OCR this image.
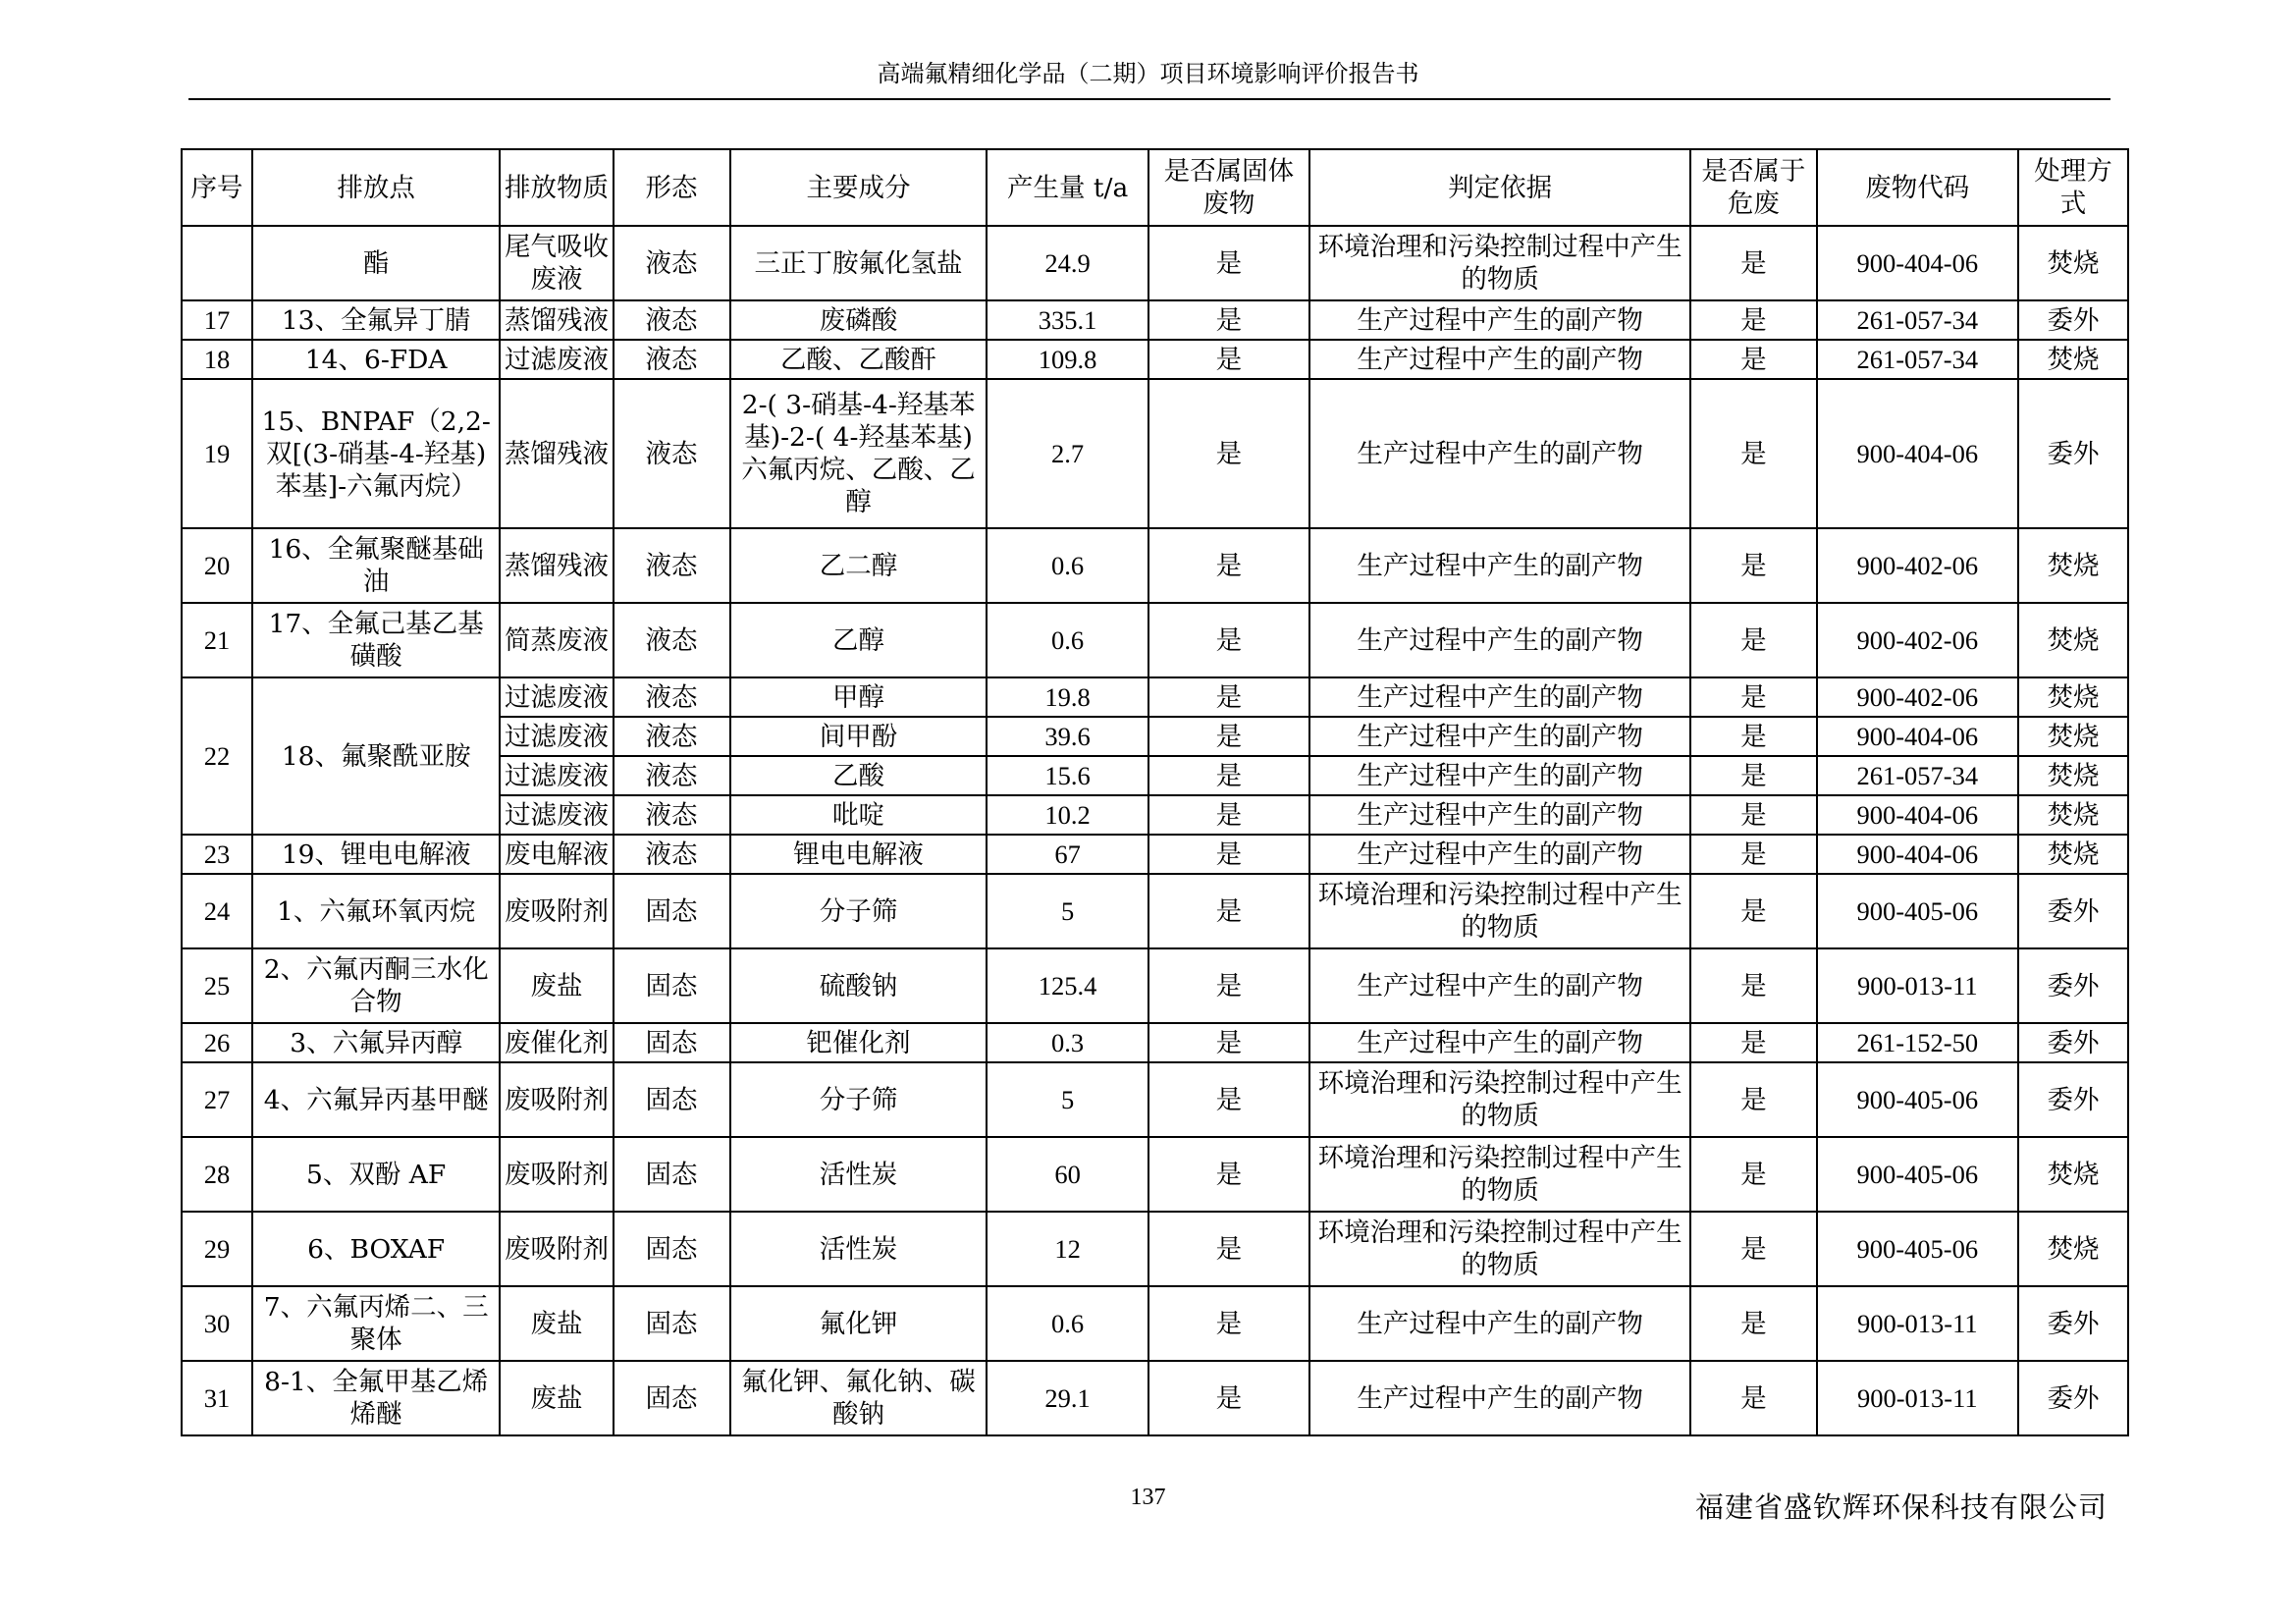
高端氟精细化学品（二期）项目环境影响评价报告书
序号	排放点	排放物质	形态	主要成分	产生量 t/a	是否属固体废物	判定依据	是否属于危废	废物代码	处理方式
	酯	尾气吸收废液	液态	三正丁胺氟化氢盐	24.9	是	环境治理和污染控制过程中产生的物质	是	900-404-06	焚烧
17	13、全氟异丁腈	蒸馏残液	液态	废磷酸	335.1	是	生产过程中产生的副产物	是	261-057-34	委外
18	14、6-FDA	过滤废液	液态	乙酸、乙酸酐	109.8	是	生产过程中产生的副产物	是	261-057-34	焚烧
19	15、BNPAF（2,2-双[(3-硝基-4-羟基)苯基]-六氟丙烷）	蒸馏残液	液态	2-( 3-硝基-4-羟基苯基)-2-( 4-羟基苯基) 六氟丙烷、乙酸、乙醇	2.7	是	生产过程中产生的副产物	是	900-404-06	委外
20	16、全氟聚醚基础油	蒸馏残液	液态	乙二醇	0.6	是	生产过程中产生的副产物	是	900-402-06	焚烧
21	17、全氟己基乙基磺酸	简蒸废液	液态	乙醇	0.6	是	生产过程中产生的副产物	是	900-402-06	焚烧
22	18、氟聚酰亚胺	过滤废液	液态	甲醇	19.8	是	生产过程中产生的副产物	是	900-402-06	焚烧
		过滤废液	液态	间甲酚	39.6	是	生产过程中产生的副产物	是	900-404-06	焚烧
		过滤废液	液态	乙酸	15.6	是	生产过程中产生的副产物	是	261-057-34	焚烧
		过滤废液	液态	吡啶	10.2	是	生产过程中产生的副产物	是	900-404-06	焚烧
23	19、锂电电解液	废电解液	液态	锂电电解液	67	是	生产过程中产生的副产物	是	900-404-06	焚烧
24	1、六氟环氧丙烷	废吸附剂	固态	分子筛	5	是	环境治理和污染控制过程中产生的物质	是	900-405-06	委外
25	2、六氟丙酮三水化合物	废盐	固态	硫酸钠	125.4	是	生产过程中产生的副产物	是	900-013-11	委外
26	3、六氟异丙醇	废催化剂	固态	钯催化剂	0.3	是	生产过程中产生的副产物	是	261-152-50	委外
27	4、六氟异丙基甲醚	废吸附剂	固态	分子筛	5	是	环境治理和污染控制过程中产生的物质	是	900-405-06	委外
28	5、双酚 AF	废吸附剂	固态	活性炭	60	是	环境治理和污染控制过程中产生的物质	是	900-405-06	焚烧
29	6、BOXAF	废吸附剂	固态	活性炭	12	是	环境治理和污染控制过程中产生的物质	是	900-405-06	焚烧
30	7、六氟丙烯二、三聚体	废盐	固态	氟化钾	0.6	是	生产过程中产生的副产物	是	900-013-11	委外
31	8-1、全氟甲基乙烯烯醚	废盐	固态	氟化钾、氟化钠、碳酸钠	29.1	是	生产过程中产生的副产物	是	900-013-11	委外
137	福建省盛钦辉环保科技有限公司
